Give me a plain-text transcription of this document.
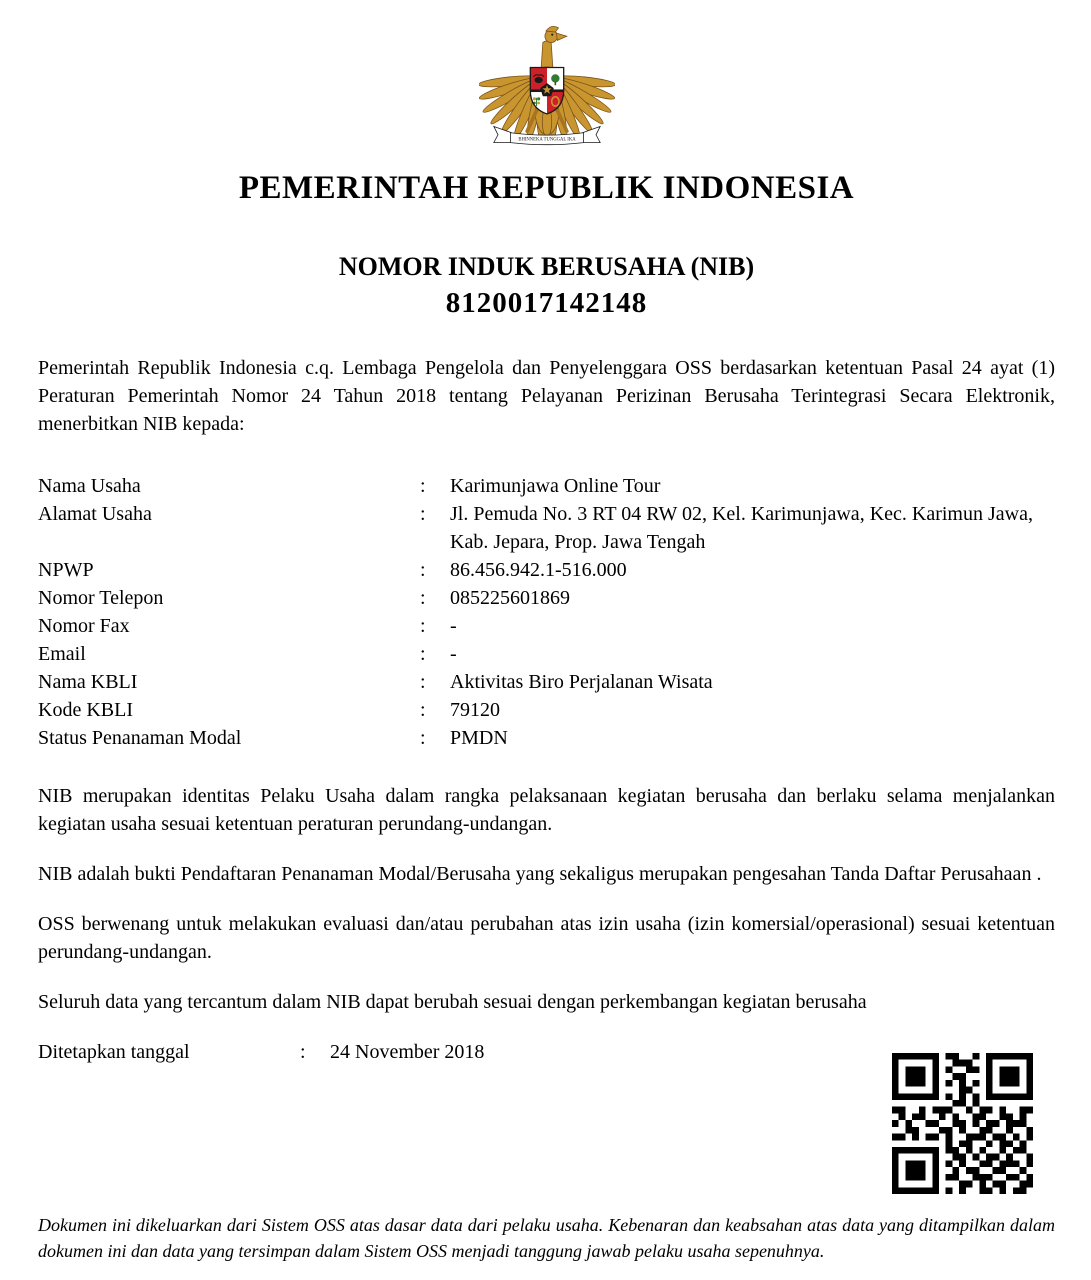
BHINNEKA TUNGGAL IKA
PEMERINTAH REPUBLIK INDONESIA
NOMOR INDUK BERUSAHA (NIB)
8120017142148

Pemerintah Republik Indonesia c.q. Lembaga Pengelola dan Penyelenggara OSS berdasarkan ketentuan Pasal 24 ayat (1) Peraturan Pemerintah Nomor 24 Tahun 2018 tentang Pelayanan Perizinan Berusaha Terintegrasi Secara Elektronik, menerbitkan NIB kepada:

Nama Usaha	:	Karimunjawa Online Tour
Alamat Usaha	:	Jl. Pemuda No. 3 RT 04 RW 02, Kel. Karimunjawa, Kec. Karimun Jawa, Kab. Jepara, Prop. Jawa Tengah
NPWP	:	86.456.942.1-516.000
Nomor Telepon	:	085225601869
Nomor Fax	:	-
Email	:	-
Nama KBLI	:	Aktivitas Biro Perjalanan Wisata
Kode KBLI	:	79120
Status Penanaman Modal	:	PMDN

NIB merupakan identitas Pelaku Usaha dalam rangka pelaksanaan kegiatan berusaha dan berlaku selama menjalankan kegiatan usaha sesuai ketentuan peraturan perundang-undangan.

NIB adalah bukti Pendaftaran Penanaman Modal/Berusaha yang sekaligus merupakan pengesahan Tanda Daftar Perusahaan .

OSS berwenang untuk melakukan evaluasi dan/atau perubahan atas izin usaha (izin komersial/operasional) sesuai ketentuan perundang-undangan.

Seluruh data yang tercantum dalam NIB dapat berubah sesuai dengan perkembangan kegiatan berusaha

Ditetapkan tanggal	:	24 November 2018

Dokumen ini dikeluarkan dari Sistem OSS atas dasar data dari pelaku usaha. Kebenaran dan keabsahan atas data yang ditampilkan dalam dokumen ini dan data yang tersimpan dalam Sistem OSS menjadi tanggung jawab pelaku usaha sepenuhnya.
